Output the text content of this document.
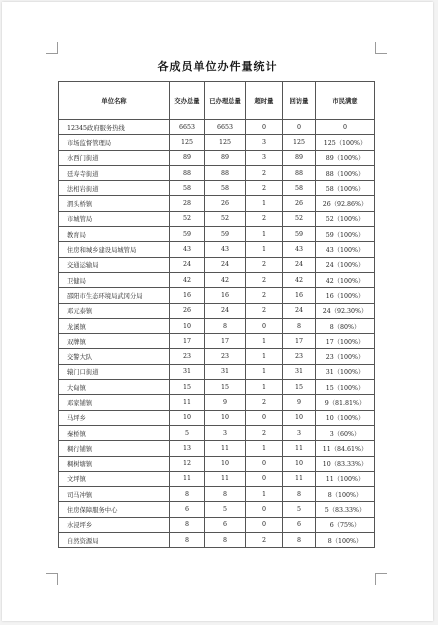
各成员单位办件量统计
单位名称	交办总量	已办理总量	超时量	回访量	市民满意
12345政府服务热线	6653	6653	0	0	0
市场监督管理局	125	125	3	125	125（100%）
水西门街道	89	89	3	89	89（100%）
廷寿寺街道	88	88	2	88	88（100%）
法相岩街道	58	58	2	58	58（100%）
渭头桥镇	28	26	1	26	26（92.86%）
市城管局	52	52	2	52	52（100%）
教育局	59	59	1	59	59（100%）
住房和城乡建设局城管局	43	43	1	43	43（100%）
交通运输局	24	24	2	24	24（100%）
卫健局	42	42	2	42	42（100%）
邵阳市生态环境局武冈分局	16	16	2	16	16（100%）
邓元泰镇	26	24	2	24	24（92.30%）
龙溪镇	10	8	0	8	8（80%）
双牌镇	17	17	1	17	17（100%）
交警大队	23	23	1	23	23（100%）
辕门口街道	31	31	1	31	31（100%）
大甸镇	15	15	1	15	15（100%）
邓家铺镇	11	9	2	9	9（81.81%）
马坪乡	10	10	0	10	10（100%）
秦桥镇	5	3	2	3	3（60%）
稠行铺镇	13	11	1	11	11（84.61%）
稠树塘镇	12	10	0	10	10（83.33%）
文坪镇	11	11	0	11	11（100%）
司马冲镇	8	8	1	8	8（100%）
住房保障服务中心	6	5	0	5	5（83.33%）
水浸坪乡	8	6	0	6	6（75%）
自然资源局	8	8	2	8	8（100%）
